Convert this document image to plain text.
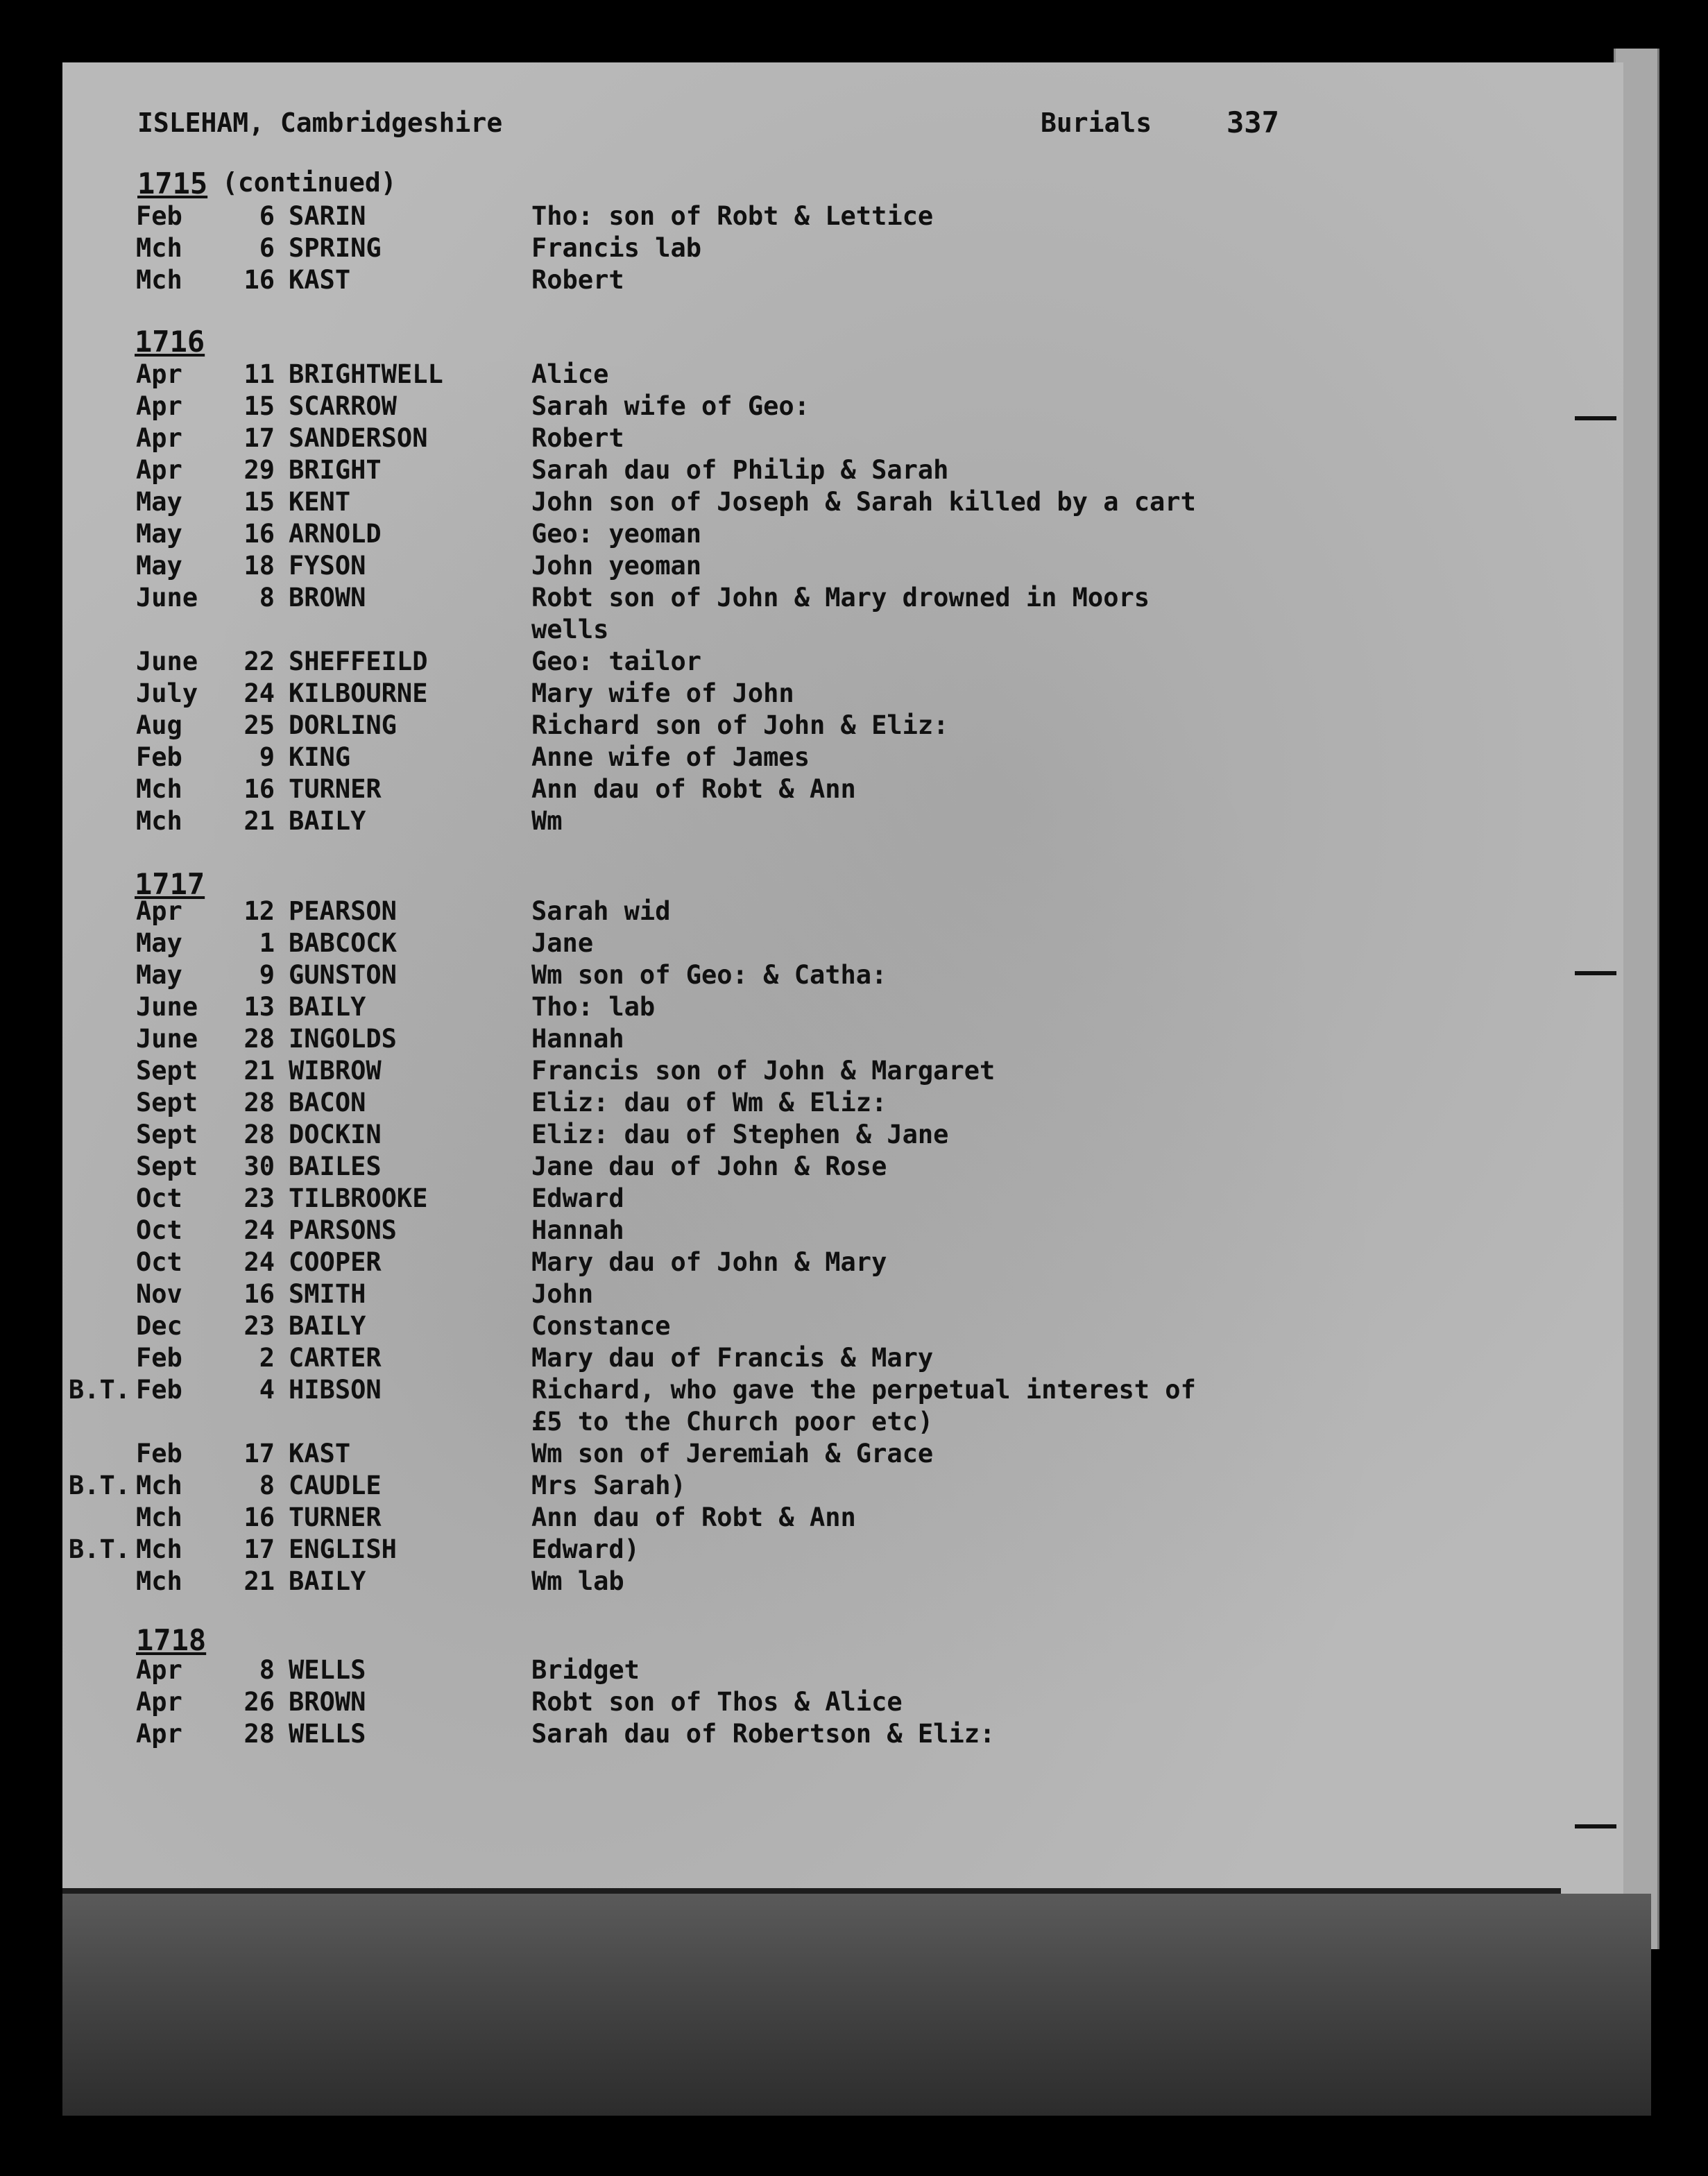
ISLEHAM, Cambridgeshire	Burials	337
1715 (continued)
Feb	6 SARIN	Tho: son of Robt & Lettice
Mch	6 SPRING	Francis lab
Mch	16 KAST	Robert
1716
Apr	11 BRIGHTWELL	Alice
Apr	15 SCARROW	Sarah wife of Geo:
Apr	17 SANDERSON	Robert
Apr	29 BRIGHT	Sarah dau of Philip & Sarah
May	15 KENT	John son of Joseph & Sarah killed by a cart
May	16 ARNOLD	Geo: yeoman
May	18 FYSON	John yeoman
June	8 BROWN	Robt son of John & Mary drowned in Moors
wells
June	22 SHEFFEILD	Geo: tailor
July	24 KILBOURNE	Mary wife of John
Aug	25 DORLING	Richard son of John & Eliz:
Feb	9 KING	Anne wife of James
Mch	16 TURNER	Ann dau of Robt & Ann
Mch	21 BAILY	Wm
1717
Apr	12 PEARSON	Sarah wid
May	1 BABCOCK	Jane
May	9 GUNSTON	Wm son of Geo: & Catha:
June	13 BAILY	Tho: lab
June	28 INGOLDS	Hannah
Sept	21 WIBROW	Francis son of John & Margaret
Sept	28 BACON	Eliz: dau of Wm & Eliz:
Sept	28 DOCKIN	Eliz: dau of Stephen & Jane
Sept	30 BAILES	Jane dau of John & Rose
Oct	23 TILBROOKE	Edward
Oct	24 PARSONS	Hannah
Oct	24 COOPER	Mary dau of John & Mary
Nov	16 SMITH	John
Dec	23 BAILY	Constance
Feb	2 CARTER	Mary dau of Francis & Mary
B.T. Feb	4 HIBSON	Richard, who gave the perpetual interest of
£5 to the Church poor etc)
Feb	17 KAST	Wm son of Jeremiah & Grace
B.T. Mch	8 CAUDLE	Mrs Sarah)
Mch	16 TURNER	Ann dau of Robt & Ann
B.T. Mch	17 ENGLISH	Edward)
Mch	21 BAILY	Wm lab
1718
Apr	8 WELLS	Bridget
Apr	26 BROWN	Robt son of Thos & Alice
Apr	28 WELLS	Sarah dau of Robertson & Eliz:
